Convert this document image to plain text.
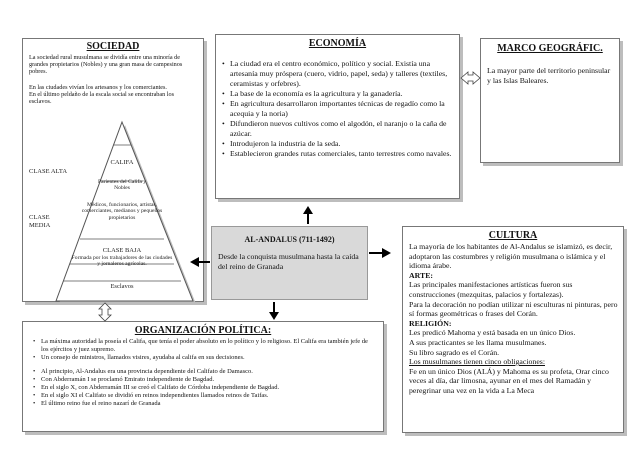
SOCIEDAD
La sociedad rural musulmana se dividía entre una minoría de grandes propietarios (Nobles) y una gran masa de campesinos pobres.
En las ciudades vivían los artesanos y los comerciantes.
En el último peldaño de la escala social se encontraban los esclavos.
CLASE ALTA
CLASE MEDIA
CALIFA
Parientes del Califa y Nobles
Médicos, funcionarios, artistas, comerciantes, medianos y pequeños propietarios
CLASE BAJA
Formada por los trabajadores de las ciudades y jornaleros agrícolas.
Esclavos
ECONOMÍA
• La ciudad era el centro económico, político y social. Existía una artesanía muy próspera (cuero, vidrio, papel, seda) y talleres (textiles, ceramistas y orfebres).
• La base de la economía es la agricultura y la ganadería.
• En agricultura desarrollaron importantes técnicas de regadío como la acequia y la noria)
• Difundieron nuevos cultivos como el algodón, el naranjo o la caña de azúcar.
• Introdujeron la industria de la seda.
• Establecieron grandes rutas comerciales, tanto terrestres como navales.
MARCO GEOGRÁFIC.
La mayor parte del territorio peninsular y las Islas Baleares.
AL-ANDALUS (711-1492)
Desde la conquista musulmana hasta la caída del reino de Granada
CULTURA
La mayoría de los habitantes de Al-Andalus se islamizó, es decir, adoptaron las costumbres y religión musulmana o islámica y el idioma árabe.
ARTE:
Las principales manifestaciones artísticas fueron sus construcciones (mezquitas, palacios y fortalezas).
Para la decoración no podían utilizar ni esculturas ni pinturas, pero sí formas geométricas o frases del Corán.
RELIGIÓN:
Les predicó Mahoma y está basada en un único Dios.
A sus practicantes se les llama musulmanes.
Su libro sagrado es el Corán.
Los musulmanes tienen cinco obligaciones:
Fe en un único Dios (ALÁ) y Mahoma es su profeta, Orar cinco veces al día, dar limosna, ayunar en el mes del Ramadán y peregrinar una vez en la vida a La Meca
ORGANIZACIÓN POLÍTICA:
• La máxima autoridad la poseía el Califa, que tenía el poder absoluto en lo político y lo religioso. El Califa era también jefe de los ejércitos y juez supremo.
• Un consejo de ministros, llamados visires, ayudaba al califa en sus decisiones.
• Al principio, Al-Andalus era una provincia dependiente del Califato de Damasco.
• Con Abderramán I se proclamó Emirato independiente de Bagdad.
• En el siglo X, con Abderramán III se creó el Califato de Córdoba independiente de Bagdad.
• En el siglo XI el Califato se dividió en reinos independientes llamados reinos de Taifas.
• El último reino fue el reino nazarí de Granada
